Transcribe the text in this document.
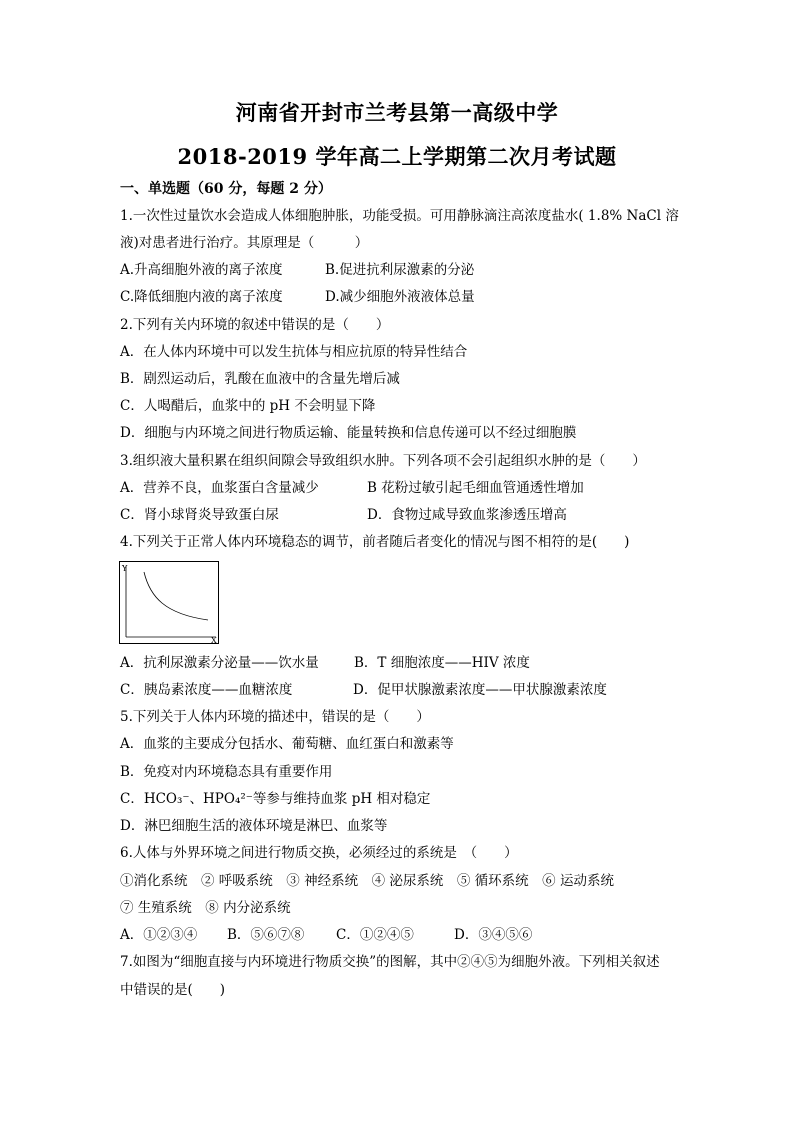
河南省开封市兰考县第一高级中学
2018-2019 学年高二上学期第二次月考试题
一、单选题（60 分，每题 2 分）
1.一次性过量饮水会造成人体细胞肿胀，功能受损。可用静脉滴注高浓度盐水( 1.8% NaCl 溶
液)对患者进行治疗。其原理是（　　　）
A.升高细胞外液的离子浓度	B.促进抗利尿激素的分泌
C.降低细胞内液的离子浓度	D.减少细胞外液液体总量
2.下列有关内环境的叙述中错误的是（　　）
A．在人体内环境中可以发生抗体与相应抗原的特异性结合
B．剧烈运动后，乳酸在血液中的含量先增后减
C．人喝醋后，血浆中的 pH 不会明显下降
D．细胞与内环境之间进行物质运输、能量转换和信息传递可以不经过细胞膜
3.组织液大量积累在组织间隙会导致组织水肿。下列各项不会引起组织水肿的是（　　）
A．营养不良，血浆蛋白含量减少	B 花粉过敏引起毛细血管通透性增加
C．肾小球肾炎导致蛋白尿	D．食物过咸导致血浆渗透压增高
4.下列关于正常人体内环境稳态的调节，前者随后者变化的情况与图不相符的是(　　)
Y
X
A．抗利尿激素分泌量——饮水量	B．T 细胞浓度——HIV 浓度
C．胰岛素浓度——血糖浓度	D．促甲状腺激素浓度——甲状腺激素浓度
5.下列关于人体内环境的描述中，错误的是（　　）
A．血浆的主要成分包括水、葡萄糖、血红蛋白和激素等
B．免疫对内环境稳态具有重要作用
C．HCO₃⁻、HPO₄²⁻等参与维持血浆 pH 相对稳定
D．淋巴细胞生活的液体环境是淋巴、血浆等
6.人体与外界环境之间进行物质交换，必须经过的系统是　（　　）
①消化系统　② 呼吸系统　③ 神经系统　④ 泌尿系统　⑤ 循环系统　⑥ 运动系统
⑦ 生殖系统　⑧ 内分泌系统
A．①②③④ B．⑤⑥⑦⑧ C．①②④⑤	D．③④⑤⑥
7.如图为“细胞直接与内环境进行物质交换”的图解，其中②④⑤为细胞外液。下列相关叙述
中错误的是(　　)
